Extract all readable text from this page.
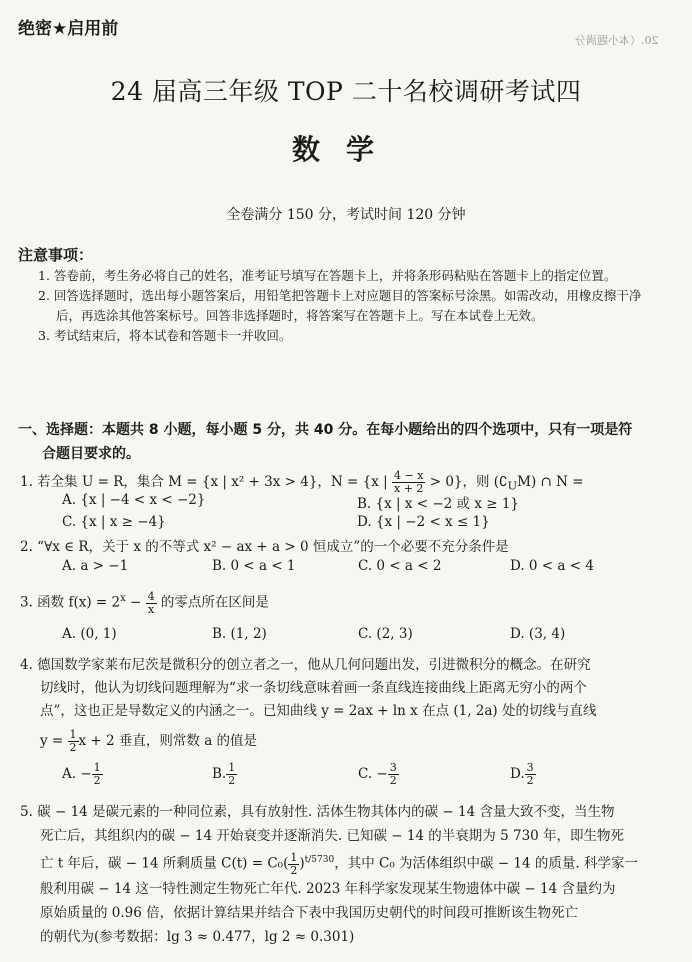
绝密★启用前
20.（本小题满分
24 届高三年级 TOP 二十名校调研考试四
数学
全卷满分 150 分，考试时间 120 分钟
注意事项：

1. 答卷前，考生务必将自己的姓名，准考证号填写在答题卡上，并将条形码粘贴在答题卡上的指定位置。

2. 回答选择题时，选出每小题答案后，用铅笔把答题卡上对应题目的答案标号涂黑。如需改动，用橡皮擦干净后，再选涂其他答案标号。回答非选择题时，将答案写在答题卡上。写在本试卷上无效。

3. 考试结束后，将本试卷和答题卡一并收回。

一、选择题：本题共 8 小题，每小题 5 分，共 40 分。在每小题给出的四个选项中，只有一项是符
合题目要求的。
1. 若全集 U = R，集合 M = {x | x² + 3x > 4}，N = {x | $\frac{4 - x}{x + 2} > 0$}，则 $(∁_UM)$ ∩ N =
A. {x | −4 < x < −2}	B. {x | x < −2 或 x ≥ 1}
C. {x | x ≥ −4}	D. {x | −2 < x ≤ 1}
2. “∀x ∈ R，关于 x 的不等式 x² − ax + a > 0 恒成立”的一个必要不充分条件是
A. a > −1	B. 0 < a < 1	C. 0 < a < 2	D. 0 < a < 4
3. 函数 $f(x) = 2^x - \frac{4}{x}$ 的零点所在区间是
A. (0, 1)	B. (1, 2)	C. (2, 3)	D. (3, 4)
4. 德国数学家莱布尼茨是微积分的创立者之一，他从几何问题出发，引进微积分的概念。在研究
切线时，他认为切线问题理解为“求一条切线意味着画一条直线连接曲线上距离无穷小的两个
点”，这也正是导数定义的内涵之一。已知曲线 y = 2ax + ln x 在点 (1, 2a) 处的切线与直线
$y = \frac{1}{2}$ x + 2 垂直，则常数 a 的值是
A. − $\frac{1}{2}$	B. $\frac{1}{2}$	C. − $\frac{3}{2}$	D. $\frac{3}{2}$
5. 碳 − 14 是碳元素的一种同位素，具有放射性. 活体生物其体内的碳 − 14 含量大致不变，当生物
死亡后，其组织内的碳 − 14 开始衰变并逐渐消失. 已知碳 − 14 的半衰期为 5 730 年，即生物死
亡 t 年后，碳 − 14 所剩质量 $C(t) = C_0( \frac{1}{2} )^{t/5730}$，其中 C₀ 为活体组织中碳 − 14 的质量. 科学家一
般利用碳 − 14 这一特性测定生物死亡年代. 2023 年科学家发现某生物遗体中碳 − 14 含量约为
原始质量的 0.96 倍，依据计算结果并结合下表中我国历史朝代的时间段可推断该生物死亡
的朝代为(参考数据：lg 3 ≈ 0.477，lg 2 ≈ 0.301)
